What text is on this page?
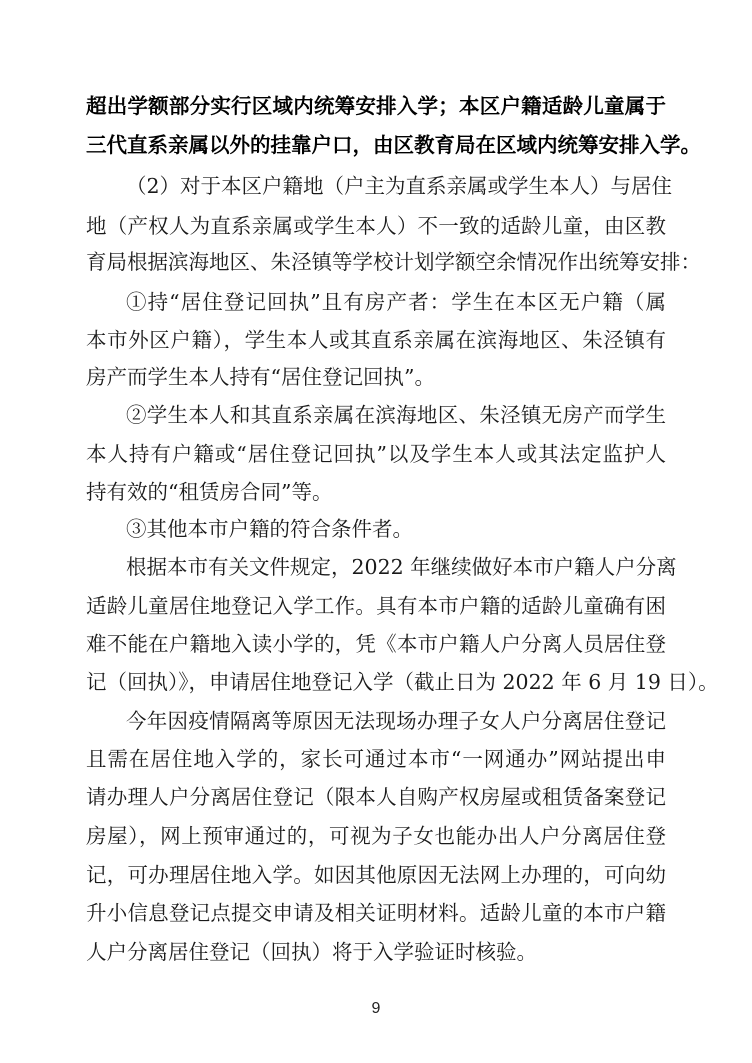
超出学额部分实行区域内统筹安排入学；本区户籍适龄儿童属于
三代直系亲属以外的挂靠户口，由区教育局在区域内统筹安排入学。
（2）对于本区户籍地（户主为直系亲属或学生本人）与居住
地（产权人为直系亲属或学生本人）不一致的适龄儿童，由区教
育局根据滨海地区、朱泾镇等学校计划学额空余情况作出统筹安排：
①持“居住登记回执”且有房产者：学生在本区无户籍（属
本市外区户籍），学生本人或其直系亲属在滨海地区、朱泾镇有
房产而学生本人持有“居住登记回执”。
②学生本人和其直系亲属在滨海地区、朱泾镇无房产而学生
本人持有户籍或“居住登记回执”以及学生本人或其法定监护人
持有效的“租赁房合同”等。
③其他本市户籍的符合条件者。
根据本市有关文件规定，2022 年继续做好本市户籍人户分离
适龄儿童居住地登记入学工作。具有本市户籍的适龄儿童确有困
难不能在户籍地入读小学的，凭《本市户籍人户分离人员居住登
记（回执）》，申请居住地登记入学（截止日为 2022 年 6 月 19 日）。
今年因疫情隔离等原因无法现场办理子女人户分离居住登记
且需在居住地入学的，家长可通过本市“一网通办”网站提出申
请办理人户分离居住登记（限本人自购产权房屋或租赁备案登记
房屋），网上预审通过的，可视为子女也能办出人户分离居住登
记，可办理居住地入学。如因其他原因无法网上办理的，可向幼
升小信息登记点提交申请及相关证明材料。适龄儿童的本市户籍
人户分离居住登记（回执）将于入学验证时核验。
9
